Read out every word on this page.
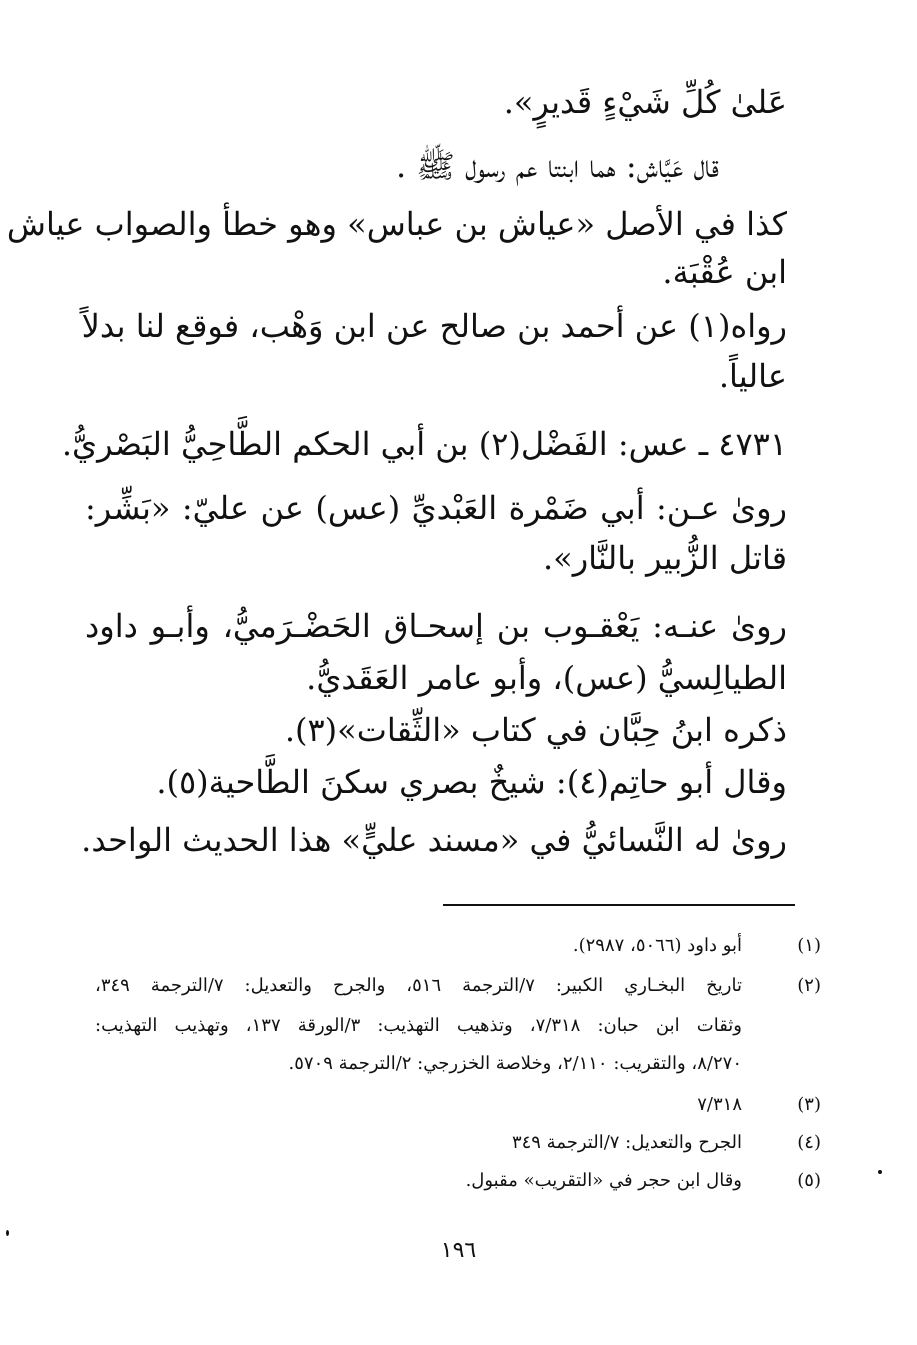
عَلىٰ كُلِّ شَيْءٍ قَديرٍ».
قال عَيَّاش: هما ابنتا عم رسول ﷺ .
كذا في الأصل «عياش بن عباس» وهو خطأ والصواب عياش
ابن عُقْبَة.
رواه(١) عن أحمد بن صالح عن ابن وَهْب، فوقع لنا بدلاً
عالياً.
٤٧٣١ ـ عس: الفَضْل(٢) بن أبي الحكم الطَّاحِيُّ البَصْريُّ.
روىٰ عـن: أبي ضَمْرة العَبْديِّ (عس) عن عليّ: «بَشِّر:
قاتل الزُّبير بالنَّار».
روىٰ عنـه: يَعْقـوب بن إسحـاق الحَضْـرَميُّ، وأبـو داود
الطيالِسيُّ (عس)، وأبو عامر العَقَديُّ.
ذكره ابنُ حِبَّان في كتاب «الثِّقات»(٣).
وقال أبو حاتِم(٤): شيخٌ بصري سكنَ الطَّاحية(٥).
روىٰ له النَّسائيُّ في «مسند عليٍّ» هذا الحديث الواحد.
(١)
أبو داود (٥٠٦٦، ٢٩٨٧).
(٢)
تاريخ البخـاري الكبير: ٧/الترجمة ٥١٦، والجرح والتعديل: ٧/الترجمة ٣٤٩،
وثقات ابن حبان: ٧/٣١٨، وتذهيب التهذيب: ٣/الورقة ١٣٧، وتهذيب التهذيب:
٨/٢٧٠، والتقريب: ٢/١١٠، وخلاصة الخزرجي: ٢/الترجمة ٥٧٠٩.
(٣)
٧/٣١٨
(٤)
الجرح والتعديل: ٧/الترجمة ٣٤٩
(٥)
وقال ابن حجر في «التقريب» مقبول.
١٩٦
